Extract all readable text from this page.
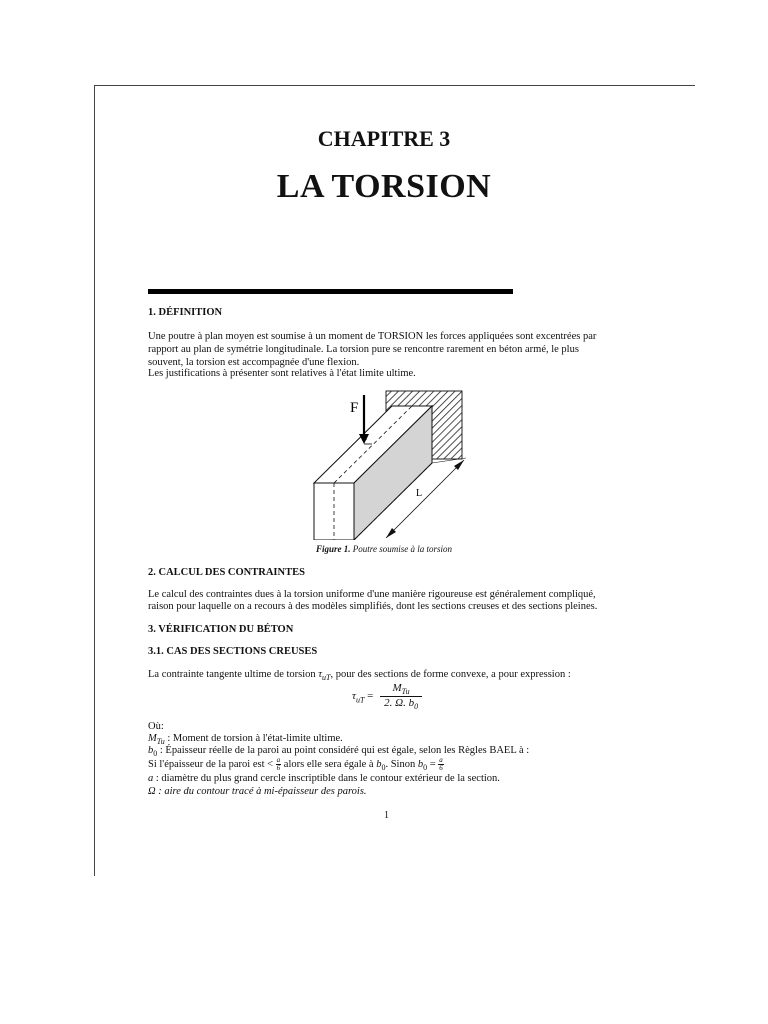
CHAPITRE 3
LA TORSION
1. DÉFINITION
Une poutre à plan moyen est soumise à un moment de TORSION les forces appliquées sont excentrées par
rapport au plan de symétrie longitudinale. La torsion pure se rencontre rarement en béton armé, le plus
souvent, la torsion est accompagnée d'une flexion.
Les justifications à présenter sont relatives à l'état limite ultime.
F
e
L
Figure 1. Poutre soumise à la torsion
2. CALCUL DES CONTRAINTES
Le calcul des contraintes dues à la torsion uniforme d'une manière rigoureuse est généralement compliqué,
raison pour laquelle on a recours à des modèles simplifiés, dont les sections creuses et des sections pleines.
3. VÉRIFICATION DU BÉTON
3.1. CAS DES SECTIONS CREUSES
La contrainte tangente ultime de torsion $\tau_{uT}$, pour des sections de forme convexe, a pour expression :
$\tau_{uT} = \frac{M_{Tu}}{2. \Omega. b_0}$
Où:
$M_{Tu}$ : Moment de torsion à l'état-limite ultime.
$b_0$ : Épaisseur réelle de la paroi au point considéré qui est égale, selon les Règles BAEL à :
Si l'épaisseur de la paroi est < $\frac{a}{6}$ alors elle sera égale à $b_0$. Sinon $b_0 = \frac{a}{6}$
a : diamètre du plus grand cercle inscriptible dans le contour extérieur de la section.
Ω : aire du contour tracé à mi-épaisseur des parois.
1
